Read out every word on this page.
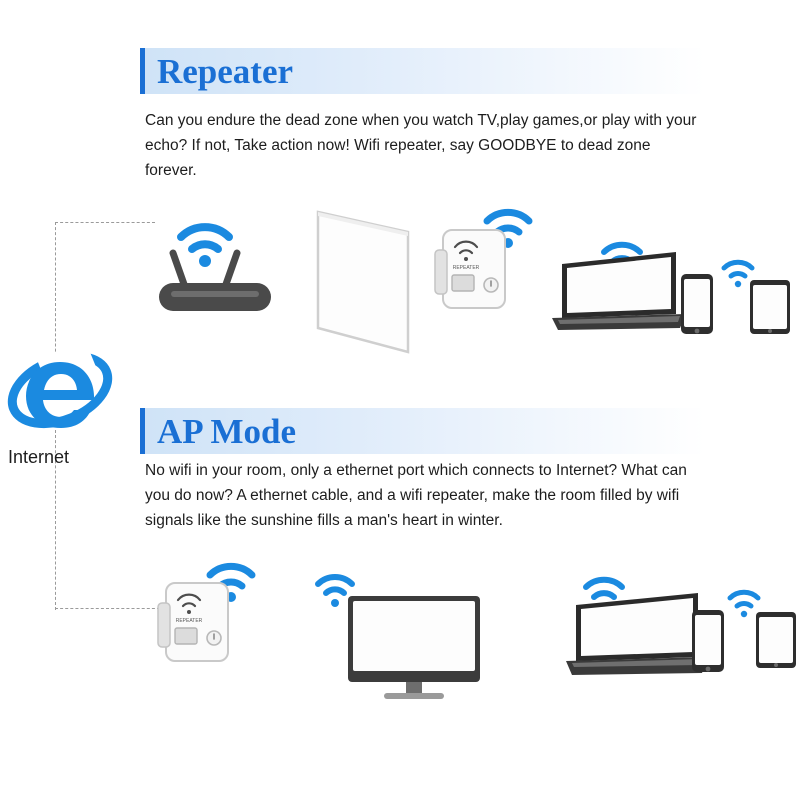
Internet
Repeater
Can you endure the dead zone when you watch TV,play games,or play with your echo? If not, Take action now! Wifi repeater, say GOODBYE to dead zone forever.
REPEATER
AP Mode
No wifi in your room, only a ethernet port which connects to Internet? What can you do now? A ethernet cable, and a wifi repeater, make the room filled by wifi signals like the sunshine fills a man's heart in winter.
REPEATER
